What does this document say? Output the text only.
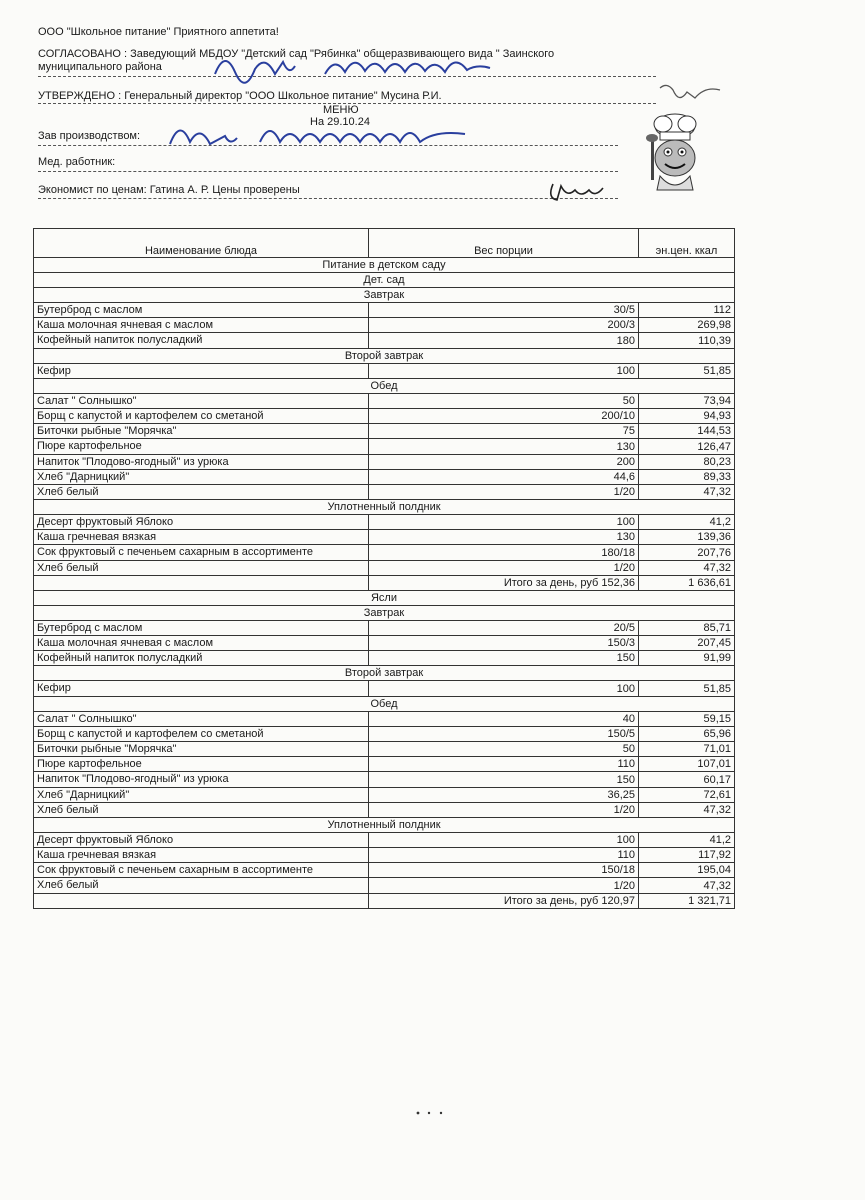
ООО "Школьное питание" Приятного аппетита!
СОГЛАСОВАНО : Заведующий МБДОУ "Детский сад "Рябинка" общеразвивающего вида " Заинского
муниципального района
УТВЕРЖДЕНО : Генеральный директор "ООО Школьное питание" Мусина Р.И.
МЕНЮ
На 29.10.24
Зав производством:
Мед. работник:
Экономист по ценам: Гатина А. Р. Цены проверены
Наименование блюда	Вес порции	эн.цен. ккал
Питание в детском саду		
Дет. сад		
Завтрак		
Бутерброд с маслом	30/5	112
Каша молочная ячневая с маслом	200/3	269,98
Кофейный напиток полусладкий	180	110,39
Второй завтрак		
Кефир	100	51,85
Обед		
Салат " Солнышко"	50	73,94
Борщ с капустой и картофелем со сметаной	200/10	94,93
Биточки рыбные "Морячка"	75	144,53
Пюре картофельное	130	126,47
Напиток "Плодово-ягодный" из урюка	200	80,23
Хлеб "Дарницкий"	44,6	89,33
Хлеб белый	1/20	47,32
Уплотненный полдник		
Десерт фруктовый Яблоко	100	41,2
Каша гречневая вязкая	130	139,36
Сок фруктовый с печеньем сахарным в ассортименте	180/18	207,76
Хлеб белый	1/20	47,32
	Итого за день, руб 152,36	1 636,61
Ясли		
Завтрак		
Бутерброд с маслом	20/5	85,71
Каша молочная ячневая с маслом	150/3	207,45
Кофейный напиток полусладкий	150	91,99
Второй завтрак		
Кефир	100	51,85
Обед		
Салат " Солнышко"	40	59,15
Борщ с капустой и картофелем со сметаной	150/5	65,96
Биточки рыбные "Морячка"	50	71,01
Пюре картофельное	110	107,01
Напиток "Плодово-ягодный" из урюка	150	60,17
Хлеб "Дарницкий"	36,25	72,61
Хлеб белый	1/20	47,32
Уплотненный полдник		
Десерт фруктовый Яблоко	100	41,2
Каша гречневая вязкая	110	117,92
Сок фруктовый с печеньем сахарным в ассортименте	150/18	195,04
Хлеб белый	1/20	47,32
	Итого за день, руб 120,97	1 321,71
